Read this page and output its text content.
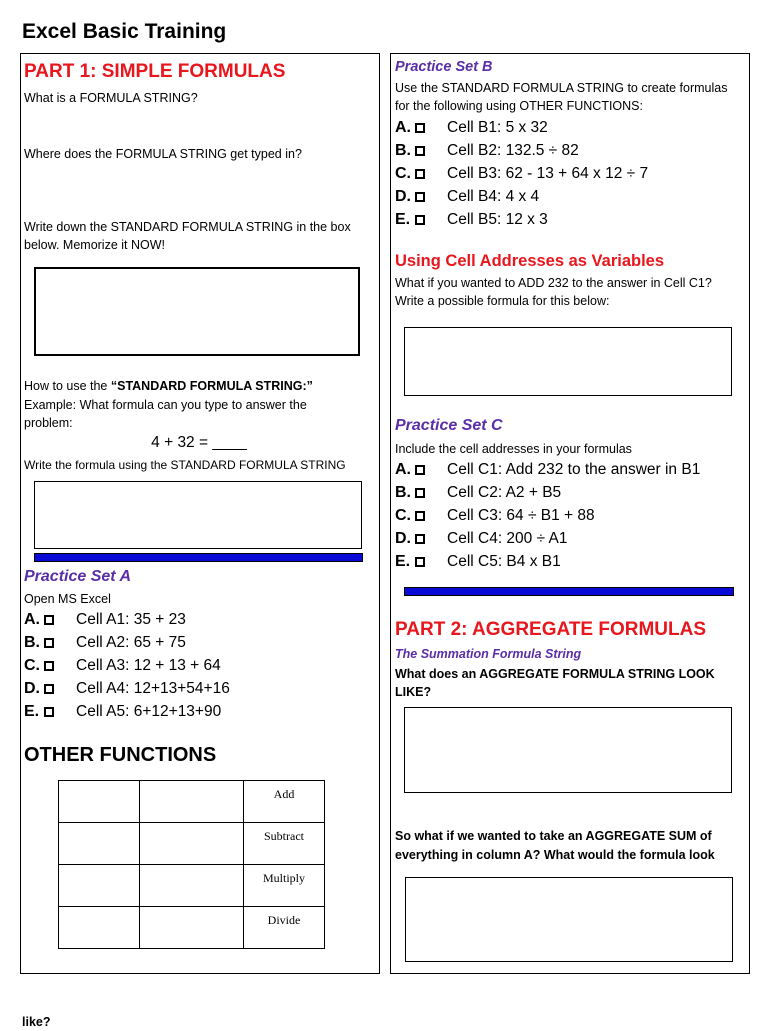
Excel Basic Training
PART 1: SIMPLE FORMULAS
What is a FORMULA STRING?
Where does the FORMULA STRING get typed in?
Write down the STANDARD FORMULA STRING in the box
below. Memorize it NOW!
How to use the “STANDARD FORMULA STRING:”
Example: What formula can you type to answer the
problem:
4 + 32 = ____
Write the formula using the STANDARD FORMULA STRING
Practice Set A
Open MS Excel
A. Cell A1: 35 + 23
B. Cell A2: 65 + 75
C. Cell A3: 12 + 13 + 64
D. Cell A4: 12+13+54+16
E.	Cell A5: 6+12+13+90
OTHER FUNCTIONS

		Add

		Subtract

		Multiply

		Divide
Practice Set B
Use the STANDARD FORMULA STRING to create formulas
for the following using OTHER FUNCTIONS:
A. Cell B1: 5 x 32
B. Cell B2: 132.5 ÷ 82
C. Cell B3: 62 - 13 + 64 x 12 ÷ 7
D. Cell B4: 4 x 4
E.	Cell B5: 12 x 3
Using Cell Addresses as Variables
What if you wanted to ADD 232 to the answer in Cell C1?
Write a possible formula for this below:
Practice Set C
Include the cell addresses in your formulas
A. Cell C1: Add 232 to the answer in B1
B. Cell C2: A2 + B5
C. Cell C3: 64 ÷ B1 + 88
D. Cell C4: 200 ÷ A1
E.	Cell C5: B4 x B1
PART 2: AGGREGATE FORMULAS
The Summation Formula String
What does an AGGREGATE FORMULA STRING LOOK
LIKE?
So what if we wanted to take an AGGREGATE SUM of
everything in column A? What would the formula look
like?
